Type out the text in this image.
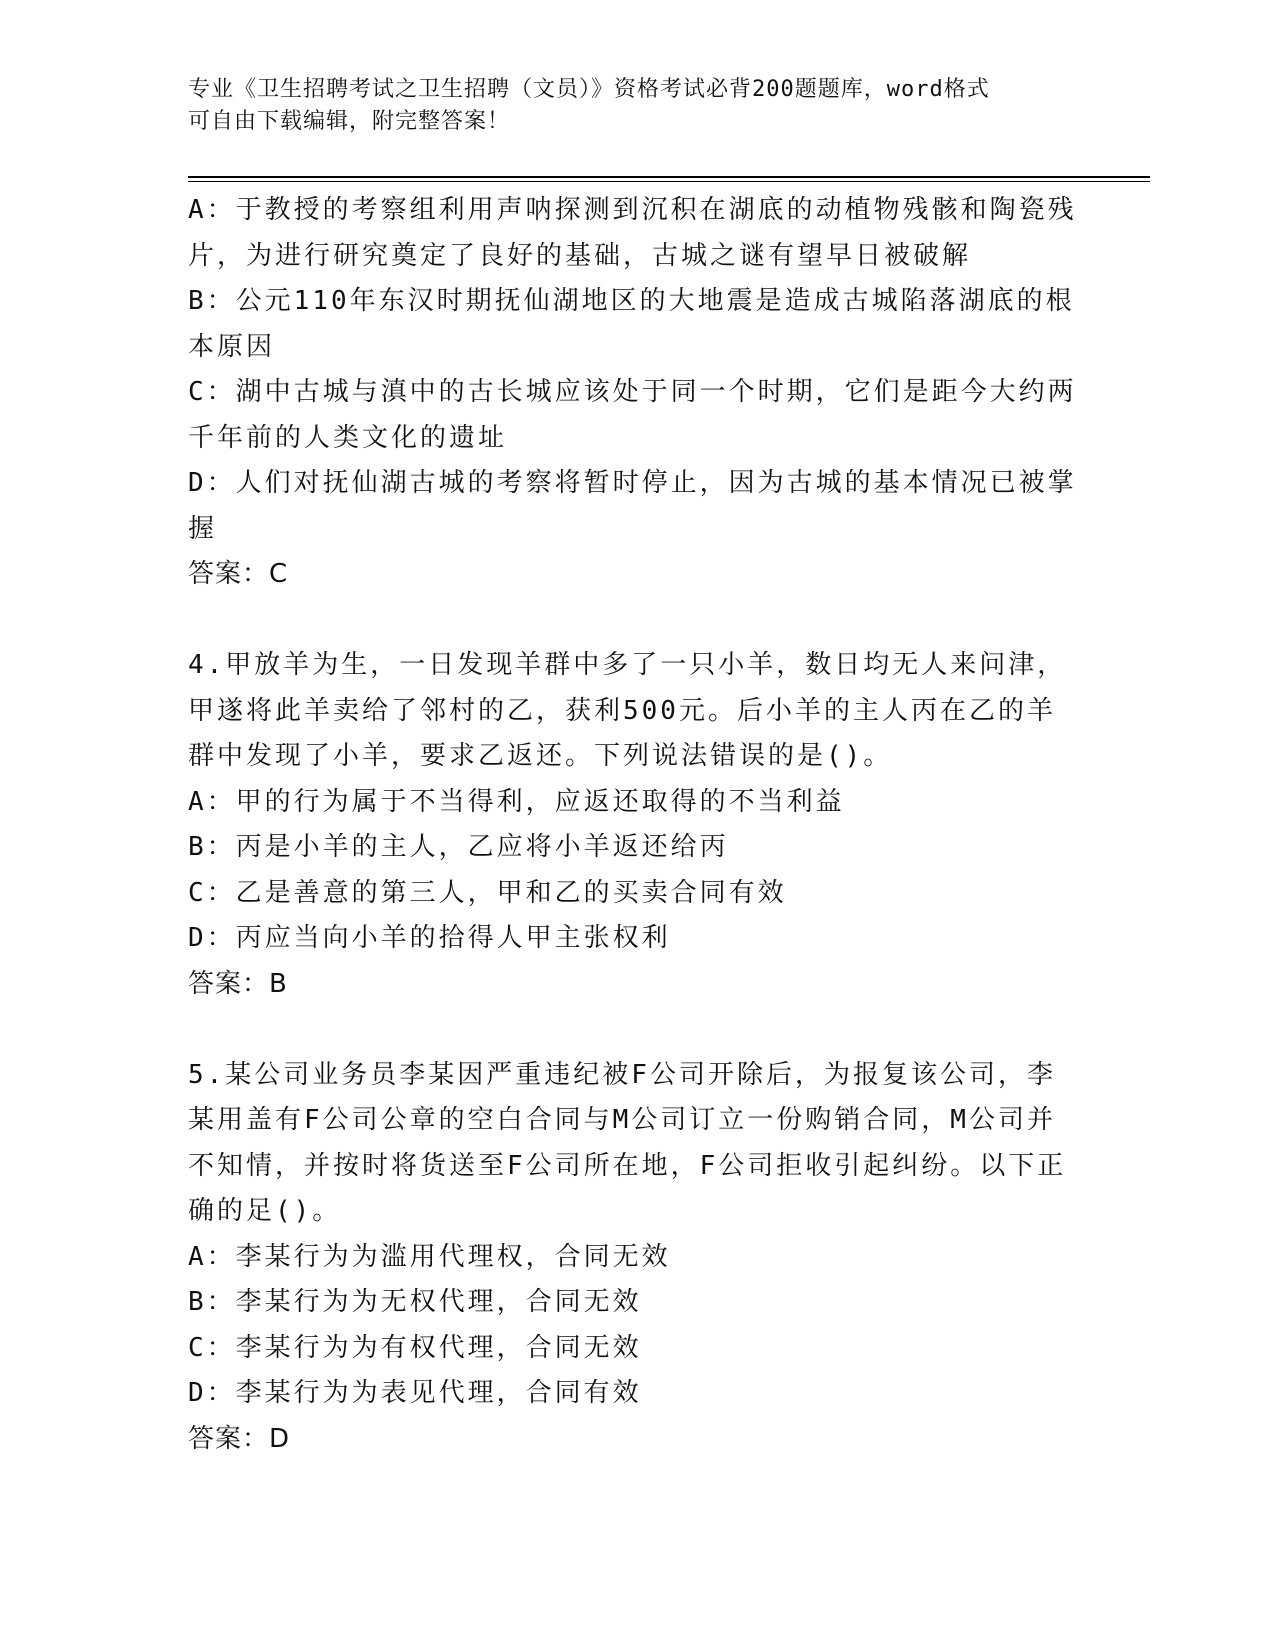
专业《卫生招聘考试之卫生招聘（文员）》资格考试必背200题题库，word格式
可自由下载编辑，附完整答案！
A：于教授的考察组利用声呐探测到沉积在湖底的动植物残骸和陶瓷残
片，为进行研究奠定了良好的基础，古城之谜有望早日被破解
B：公元110年东汉时期抚仙湖地区的大地震是造成古城陷落湖底的根
本原因
C：湖中古城与滇中的古长城应该处于同一个时期，它们是距今大约两
千年前的人类文化的遗址
D：人们对抚仙湖古城的考察将暂时停止，因为古城的基本情况已被掌
握
答案：C
4.甲放羊为生，一日发现羊群中多了一只小羊，数日均无人来问津，
甲遂将此羊卖给了邻村的乙，获利500元。后小羊的主人丙在乙的羊
群中发现了小羊，要求乙返还。下列说法错误的是()。
A：甲的行为属于不当得利，应返还取得的不当利益
B：丙是小羊的主人，乙应将小羊返还给丙
C：乙是善意的第三人，甲和乙的买卖合同有效
D：丙应当向小羊的拾得人甲主张权利
答案：B
5.某公司业务员李某因严重违纪被F公司开除后，为报复该公司，李
某用盖有F公司公章的空白合同与M公司订立一份购销合同，M公司并
不知情，并按时将货送至F公司所在地，F公司拒收引起纠纷。以下正
确的足()。
A：李某行为为滥用代理权，合同无效
B：李某行为为无权代理，合同无效
C：李某行为为有权代理，合同无效
D：李某行为为表见代理，合同有效
答案：D
